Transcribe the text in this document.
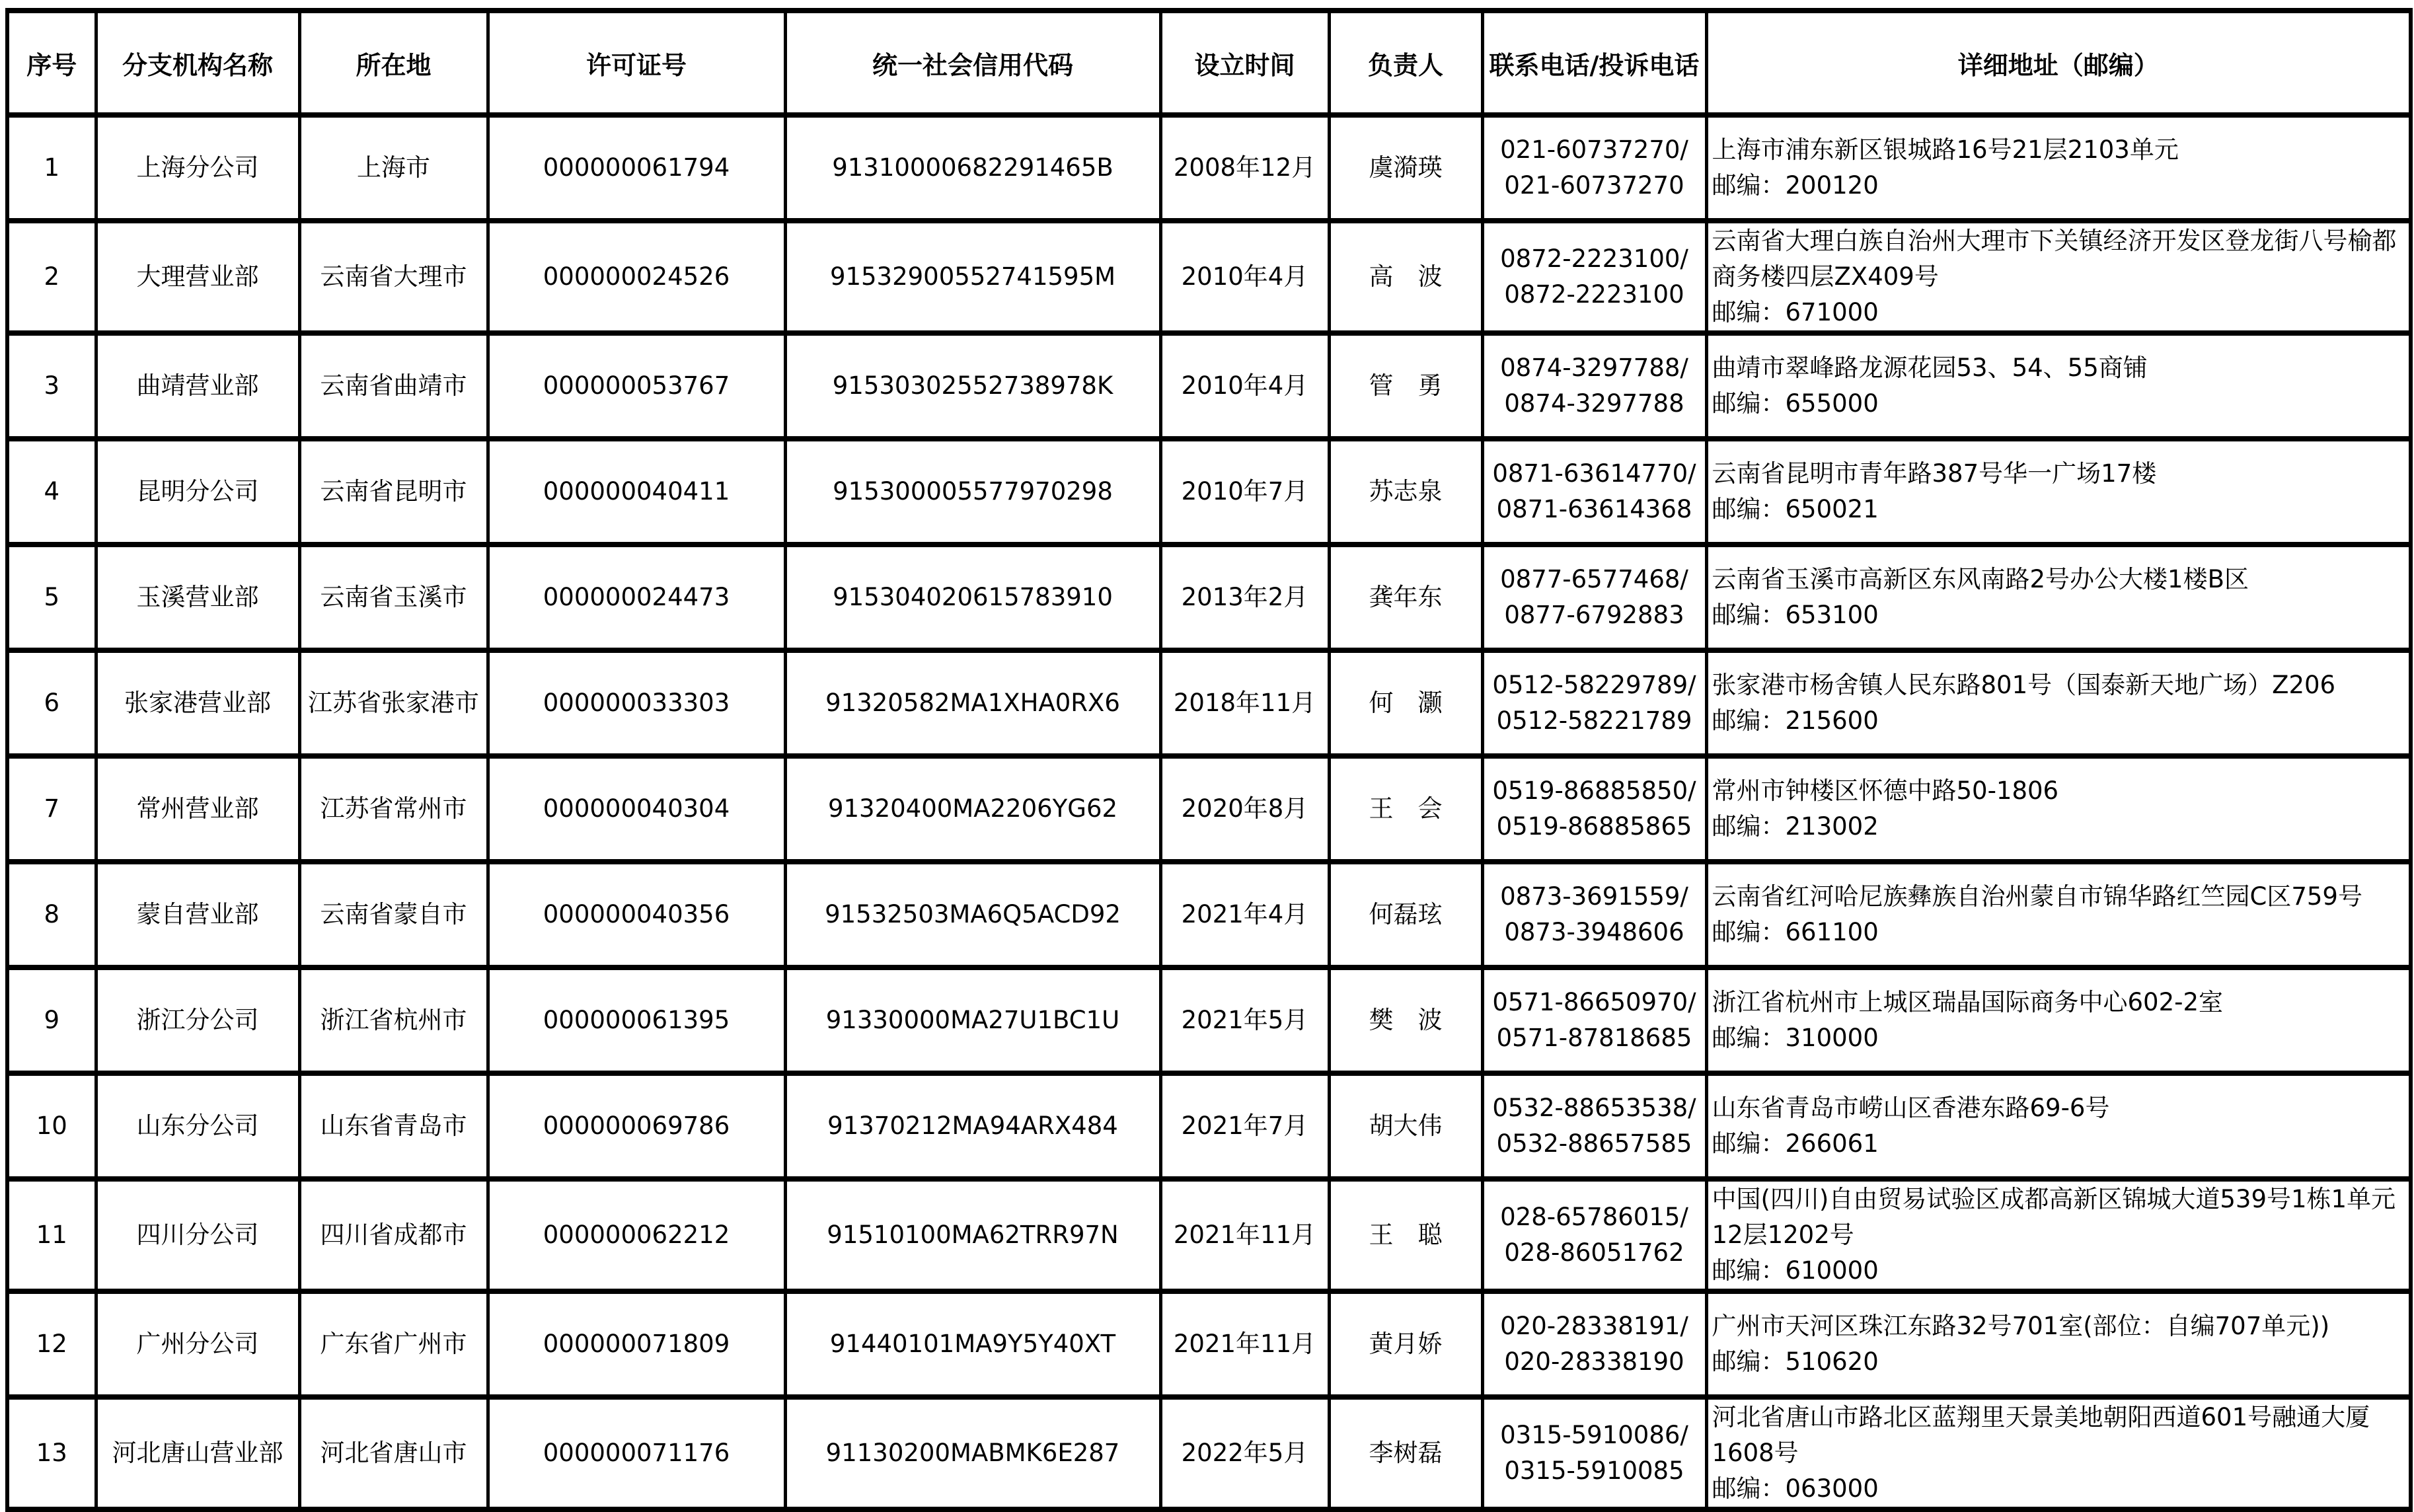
序号	分支机构名称	所在地	许可证号	统一社会信用代码	设立时间	负责人	联系电话/投诉电话	详细地址（邮编）
1	上海分公司	上海市	000000061794	91310000682291465B	2008年12月	虞漪瑛	021-60737270/
021-60737270	上海市浦东新区银城路16号21层2103单元
邮编：200120

2	大理营业部	云南省大理市	000000024526	91532900552741595M	2010年4月	高　波	0872-2223100/
0872-2223100	云南省大理白族自治州大理市下关镇经济开发区登龙街八号榆都商务楼四层ZX409号
邮编：671000

3	曲靖营业部	云南省曲靖市	000000053767	91530302552738978K	2010年4月	管　勇	0874-3297788/
0874-3297788	曲靖市翠峰路龙源花园53、54、55商铺
邮编：655000

4	昆明分公司	云南省昆明市	000000040411	915300005577970298	2010年7月	苏志泉	0871-63614770/
0871-63614368	云南省昆明市青年路387号华一广场17楼
邮编：650021

5	玉溪营业部	云南省玉溪市	000000024473	915304020615783910	2013年2月	龚年东	0877-6577468/
0877-6792883	云南省玉溪市高新区东风南路2号办公大楼1楼B区
邮编：653100

6	张家港营业部	江苏省张家港市	000000033303	91320582MA1XHA0RX6	2018年11月	何　灏	0512-58229789/
0512-58221789	张家港市杨舍镇人民东路801号（国泰新天地广场）Z206
邮编：215600

7	常州营业部	江苏省常州市	000000040304	91320400MA2206YG62	2020年8月	王　会	0519-86885850/
0519-86885865	常州市钟楼区怀德中路50-1806
邮编：213002

8	蒙自营业部	云南省蒙自市	000000040356	91532503MA6Q5ACD92	2021年4月	何磊玹	0873-3691559/
0873-3948606	云南省红河哈尼族彝族自治州蒙自市锦华路红竺园C区759号
邮编：661100

9	浙江分公司	浙江省杭州市	000000061395	91330000MA27U1BC1U	2021年5月	樊　波	0571-86650970/
0571-87818685	浙江省杭州市上城区瑞晶国际商务中心602-2室
邮编：310000

10	山东分公司	山东省青岛市	000000069786	91370212MA94ARX484	2021年7月	胡大伟	0532-88653538/
0532-88657585	山东省青岛市崂山区香港东路69-6号
邮编：266061

11	四川分公司	四川省成都市	000000062212	91510100MA62TRR97N	2021年11月	王　聪	028-65786015/
028-86051762	中国(四川)自由贸易试验区成都高新区锦城大道539号1栋1单元12层1202号
邮编：610000

12	广州分公司	广东省广州市	000000071809	91440101MA9Y5Y40XT	2021年11月	黄月娇	020-28338191/
020-28338190	广州市天河区珠江东路32号701室(部位：自编707单元))
邮编：510620

13	河北唐山营业部	河北省唐山市	000000071176	91130200MABMK6E287	2022年5月	李树磊	0315-5910086/
0315-5910085	河北省唐山市路北区蓝翔里天景美地朝阳西道601号融通大厦1608号
邮编：063000
